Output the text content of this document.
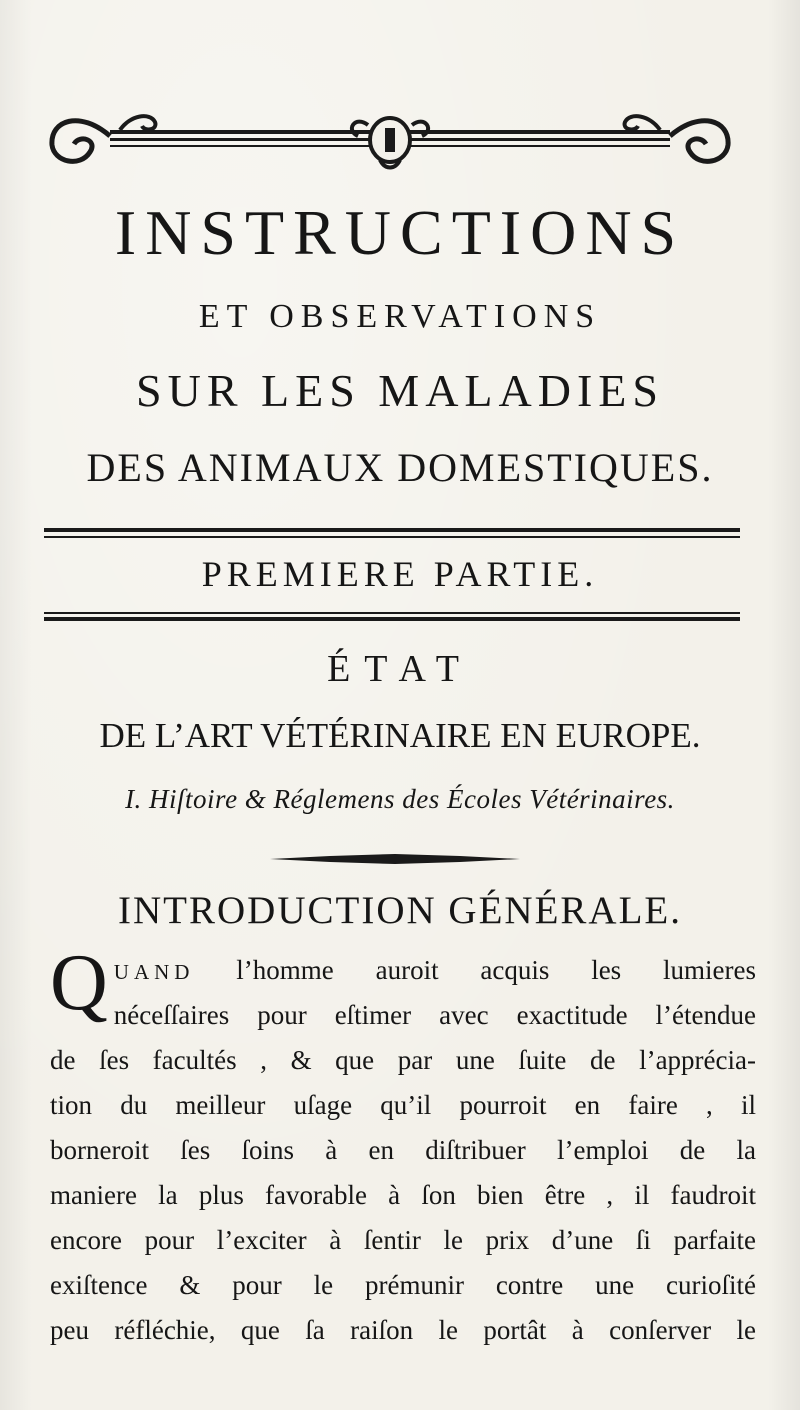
INSTRUCTIONS
ET OBSERVATIONS
SUR LES MALADIES
DES ANIMAUX DOMESTIQUES.
PREMIERE PARTIE.
ÉTAT
DE L’ART VÉTÉRINAIRE EN EUROPE.
I. Hiſtoire & Réglemens des Écoles Vétérinaires.
INTRODUCTION GÉNÉRALE.
Q UAND l’homme auroit acquis les lumieres
néceſſaires pour eſtimer avec exactitude l’étendue
de ſes facultés , & que par une ſuite de l’apprécia-
tion du meilleur uſage qu’il pourroit en faire , il
borneroit ſes ſoins à en diſtribuer l’emploi de la
maniere la plus favorable à ſon bien être , il faudroit
encore pour l’exciter à ſentir le prix d’une ſi parfaite
exiſtence & pour le prémunir contre une curioſité
peu réfléchie, que ſa raiſon le portât à conſerver le
